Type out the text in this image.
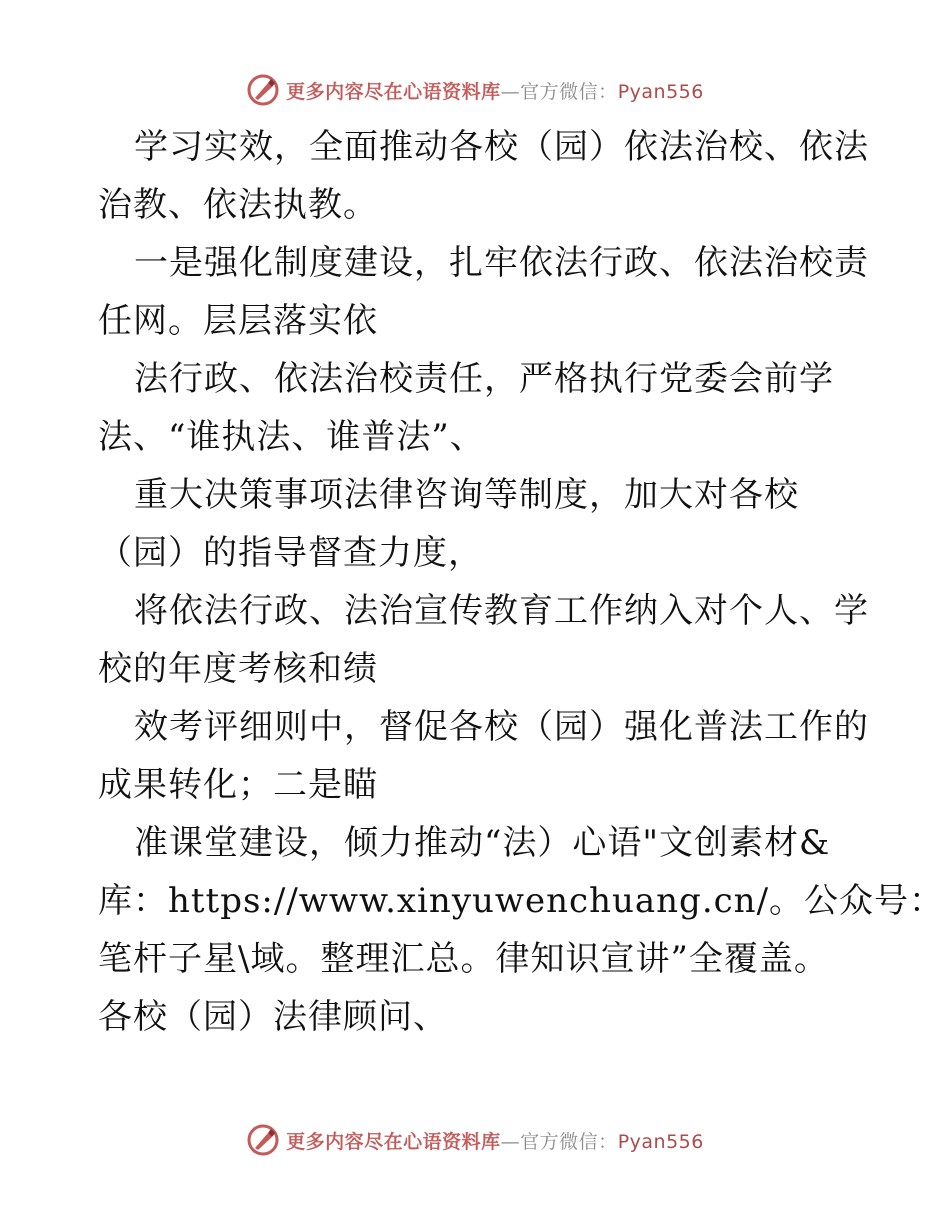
更多内容尽在心语资料库—官方微信：Pyan556
学习实效，全面推动各校（园）依法治校、依法
治教、依法执教。
一是强化制度建设，扎牢依法行政、依法治校责
任网。层层落实依
法行政、依法治校责任，严格执行党委会前学
法、“谁执法、谁普法”、
重大决策事项法律咨询等制度，加大对各校
（园）的指导督查力度，
将依法行政、法治宣传教育工作纳入对个人、学
校的年度考核和绩
效考评细则中，督促各校（园）强化普法工作的
成果转化；二是瞄
准课堂建设，倾力推动“法）心语"文创素材&
库：https://www.xinyuwenchuang.cn/。公众号：
笔杆子星\域。整理汇总。律知识宣讲”全覆盖。
各校（园）法律顾问、
更多内容尽在心语资料库—官方微信：Pyan556
